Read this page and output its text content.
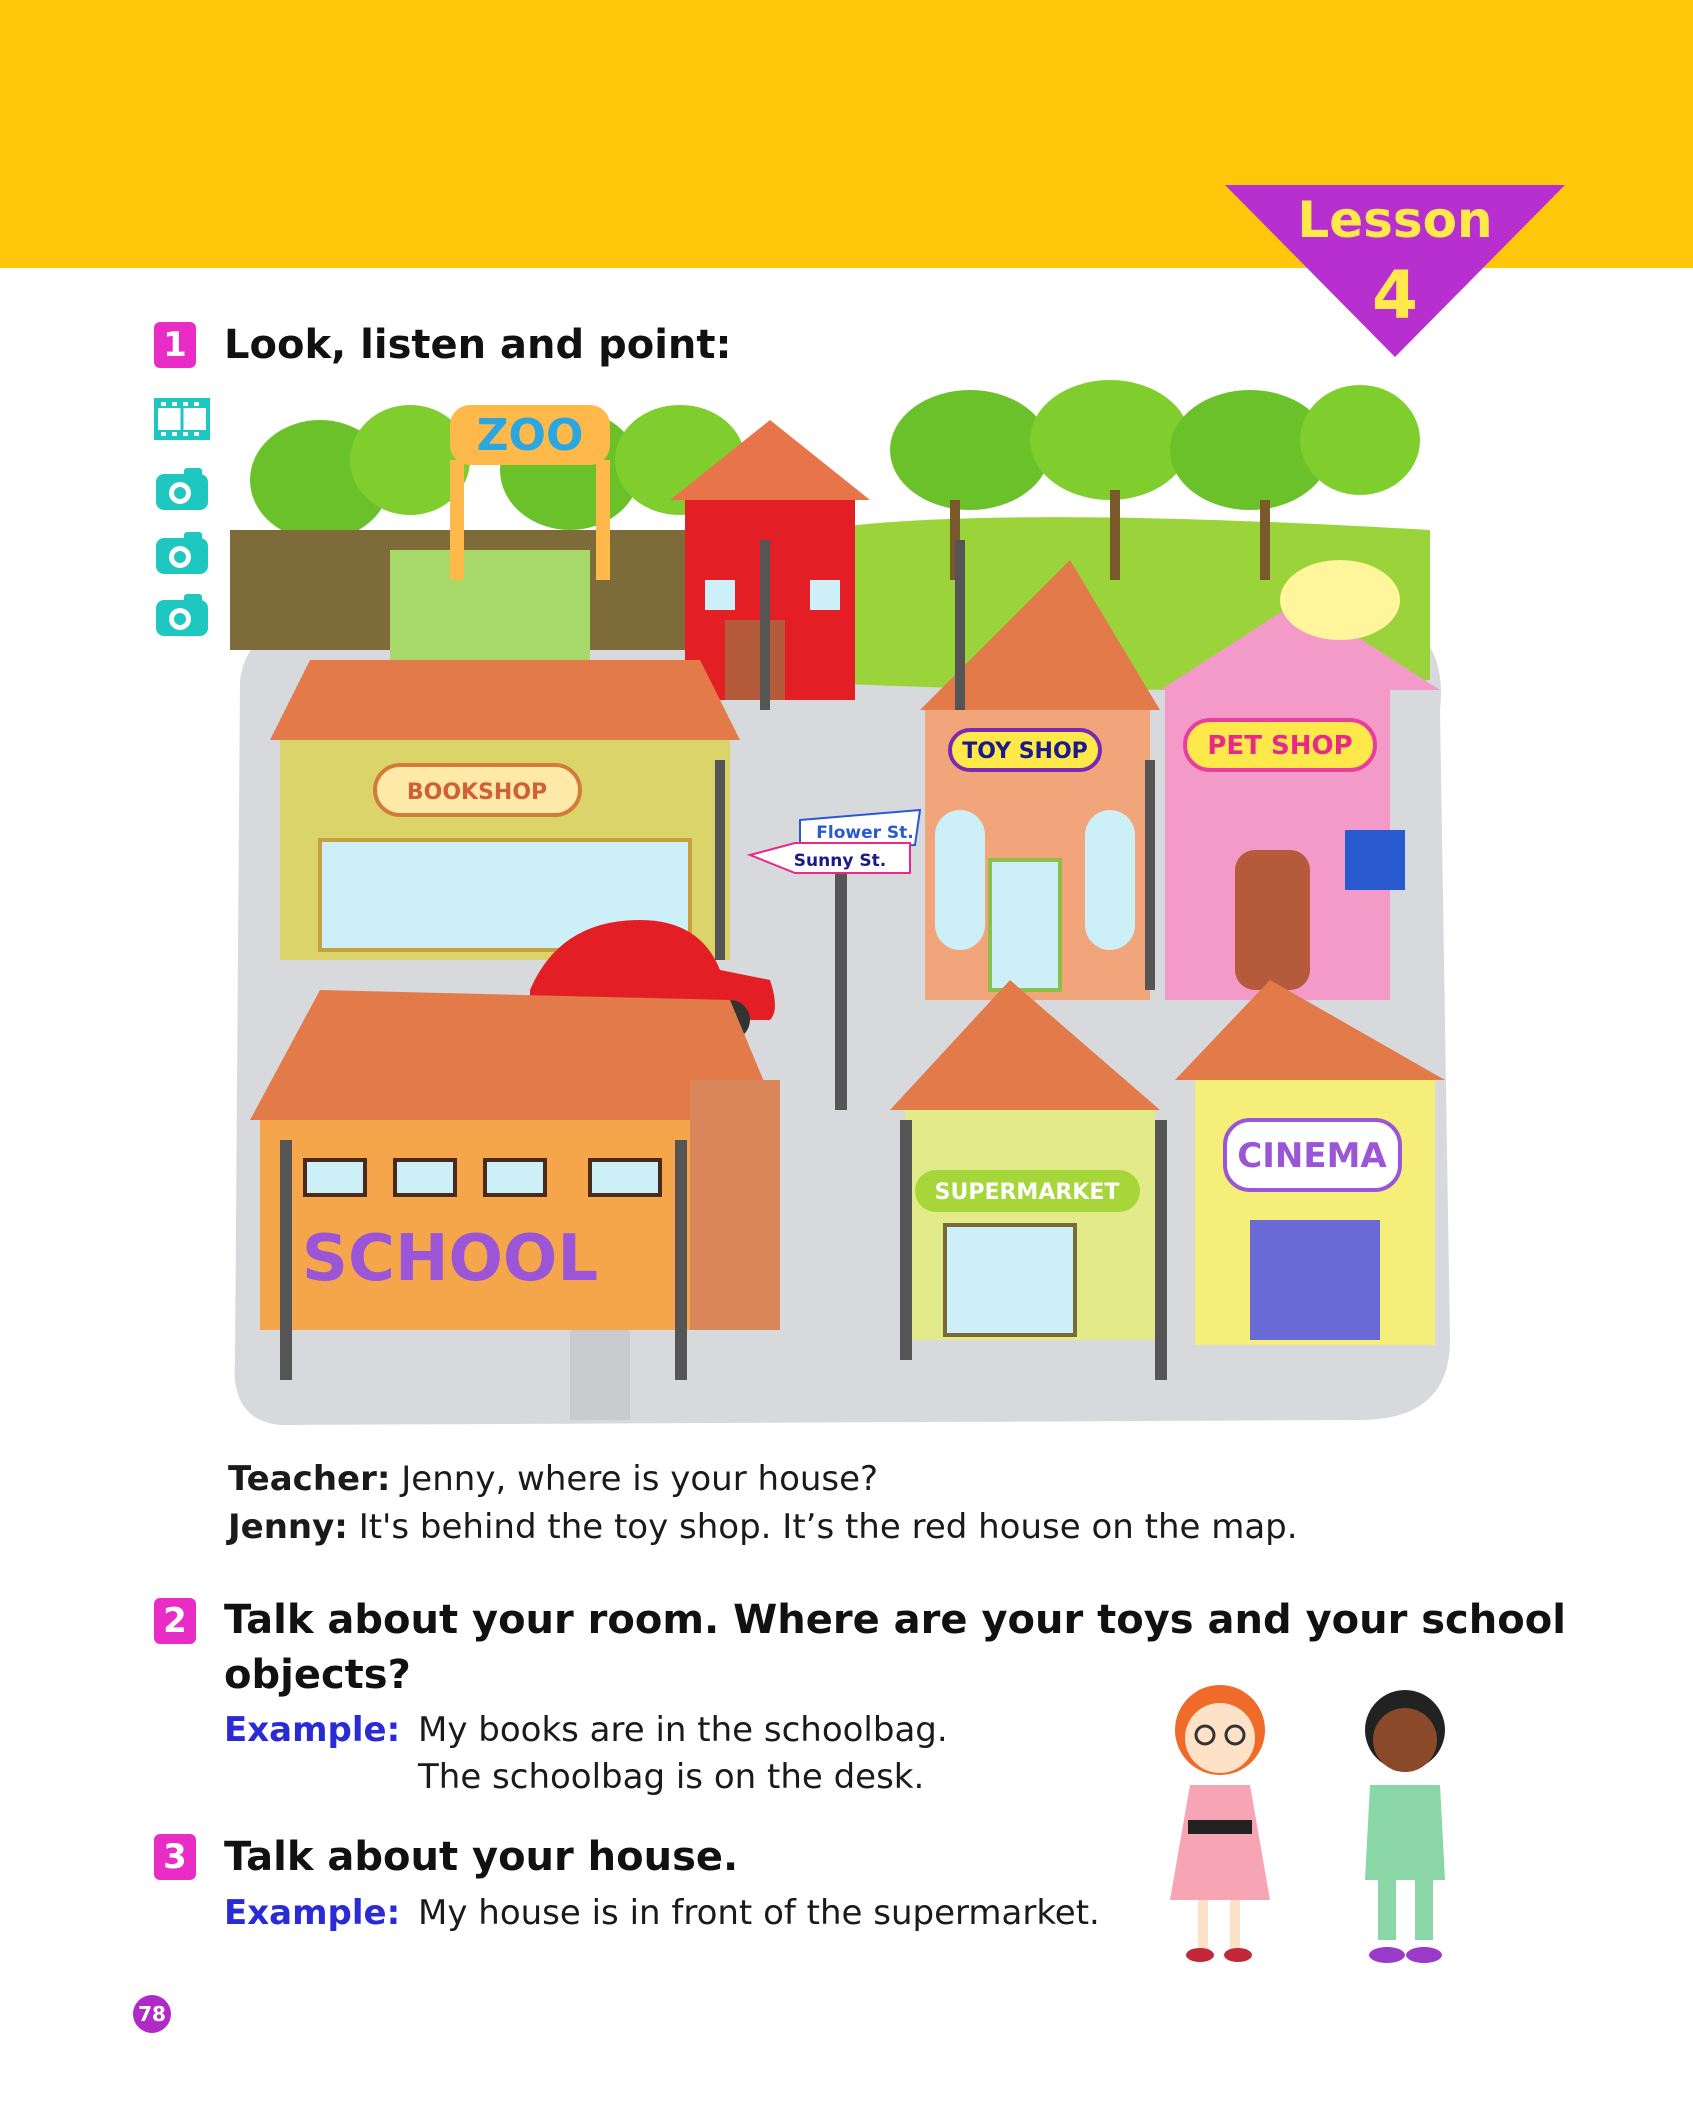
Lesson
4
1 Look, listen and point:
ZOO
BOOKSHOP
TOY SHOP	PET SHOP
Flower St.
Sunny St.
SCHOOL
SUPERMARKET
CINEMA
Teacher: Jenny, where is your house?
Jenny: It's behind the toy shop. It’s the red house on the map.
2 Talk about your room. Where are your toys and your school
objects?
Example: My books are in the schoolbag.
The schoolbag is on the desk.
3 Talk about your house.
Example: My house is in front of the supermarket.
78
